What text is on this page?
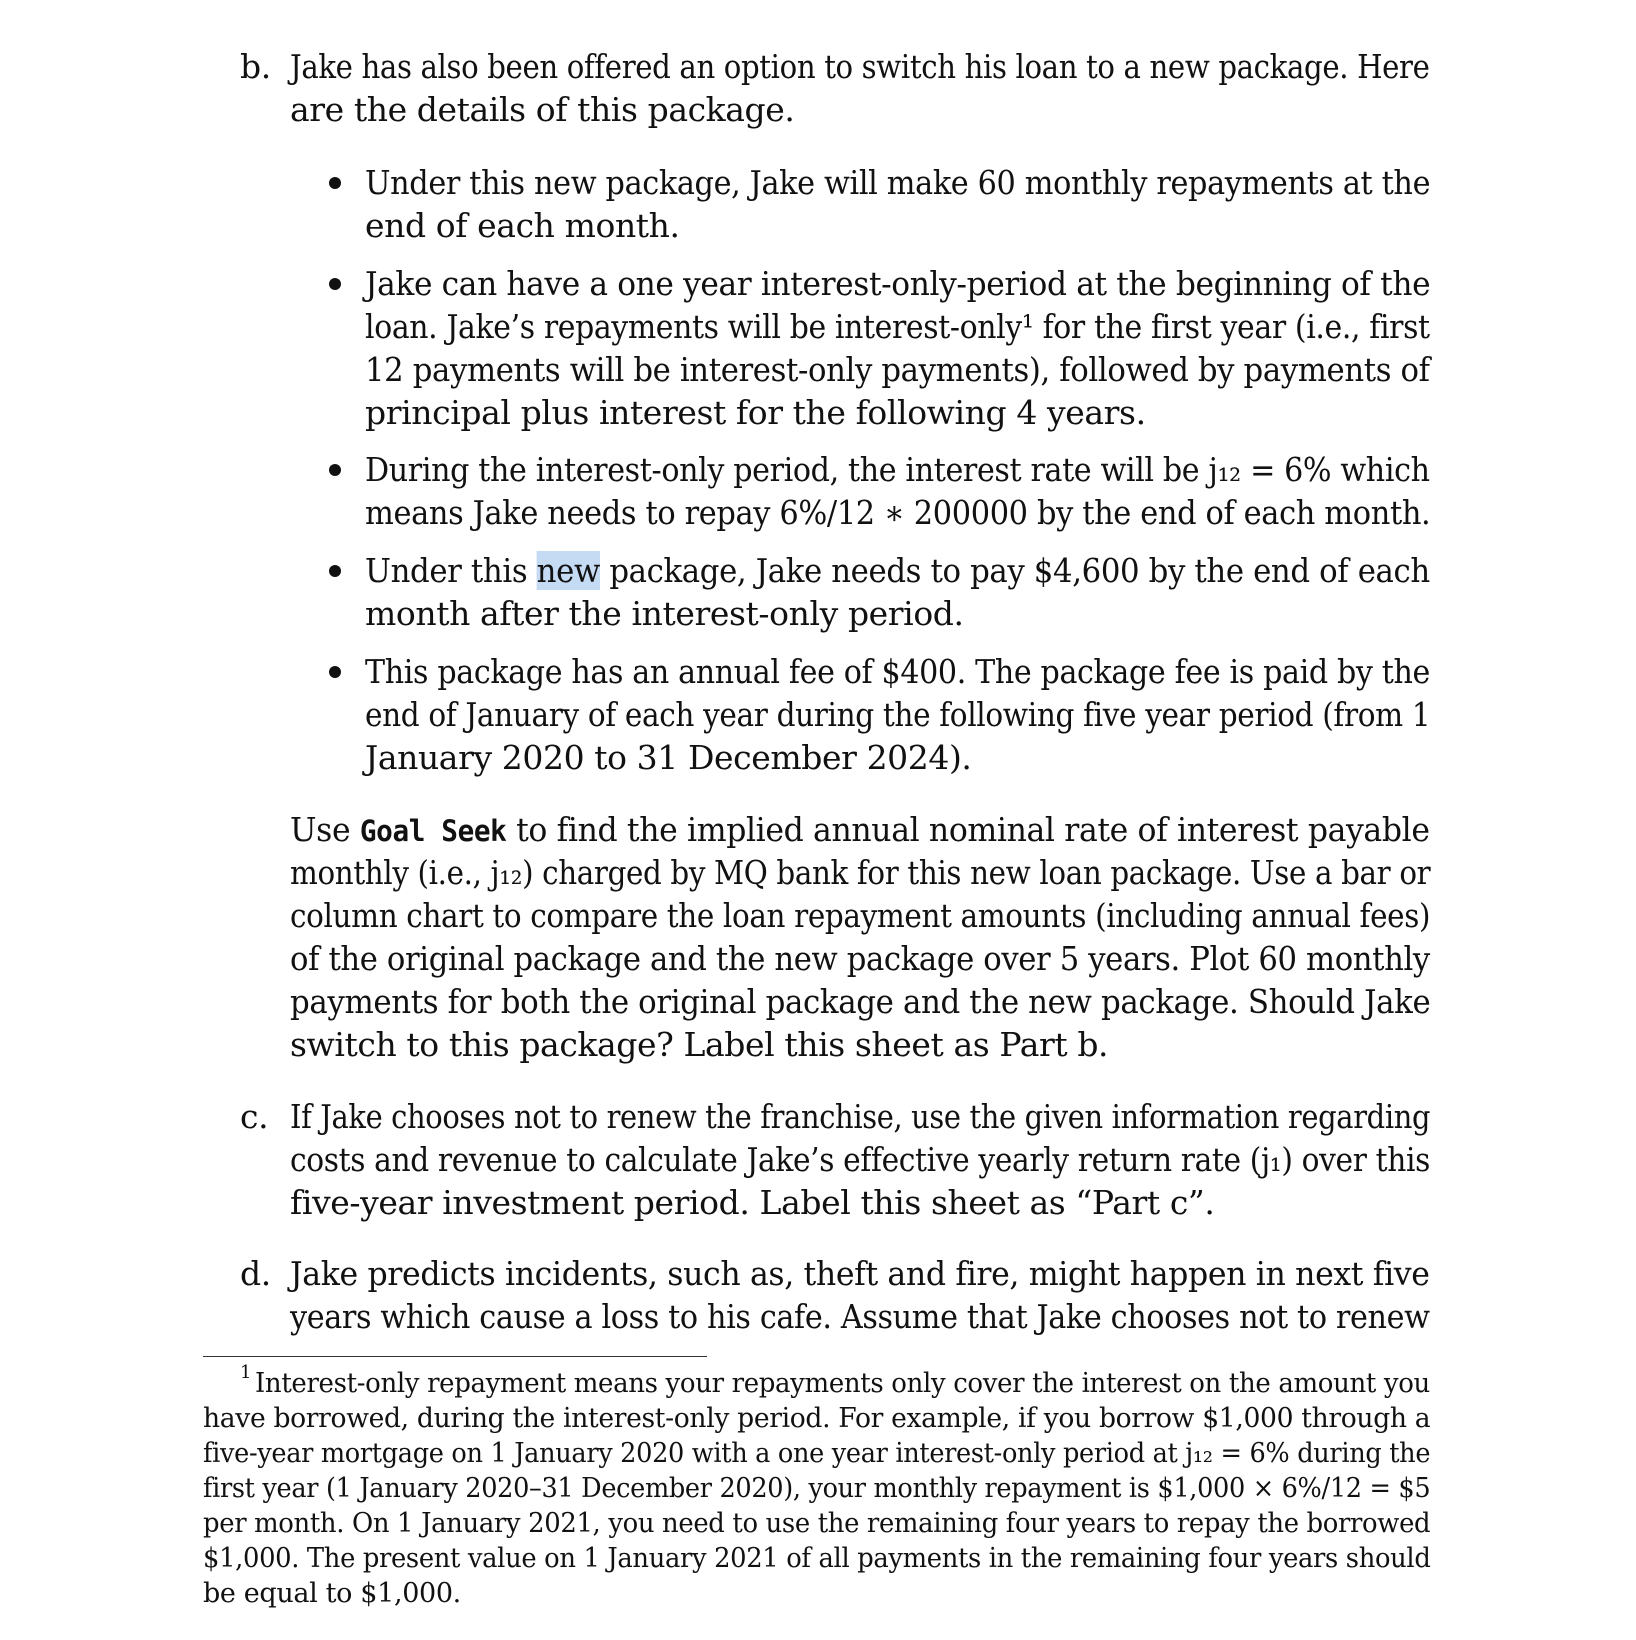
b. Jake has also been offered an option to switch his loan to a new package. Here
are the details of this package.
Under this new package, Jake will make 60 monthly repayments at the
end of each month.
Jake can have a one year interest-only-period at the beginning of the
loan. Jake’s repayments will be interest-only¹ for the first year (i.e., first
12 payments will be interest-only payments), followed by payments of
principal plus interest for the following 4 years.
During the interest-only period, the interest rate will be j₁₂ = 6% which
means Jake needs to repay 6%/12 ∗ 200000 by the end of each month.
Under this new package, Jake needs to pay $4,600 by the end of each
month after the interest-only period.
This package has an annual fee of $400. The package fee is paid by the
end of January of each year during the following five year period (from 1
January 2020 to 31 December 2024).
Use Goal Seek to find the implied annual nominal rate of interest payable
monthly (i.e., j₁₂) charged by MQ bank for this new loan package. Use a bar or
column chart to compare the loan repayment amounts (including annual fees)
of the original package and the new package over 5 years. Plot 60 monthly
payments for both the original package and the new package. Should Jake
switch to this package? Label this sheet as Part b.
c. If Jake chooses not to renew the franchise, use the given information regarding
costs and revenue to calculate Jake’s effective yearly return rate (j₁) over this
five-year investment period. Label this sheet as “Part c”.
d. Jake predicts incidents, such as, theft and fire, might happen in next five
years which cause a loss to his cafe. Assume that Jake chooses not to renew
1 Interest-only repayment means your repayments only cover the interest on the amount you
have borrowed, during the interest-only period. For example, if you borrow $1,000 through a
five-year mortgage on 1 January 2020 with a one year interest-only period at j₁₂ = 6% during the
first year (1 January 2020–31 December 2020), your monthly repayment is $1,000 × 6%/12 = $5
per month. On 1 January 2021, you need to use the remaining four years to repay the borrowed
$1,000. The present value on 1 January 2021 of all payments in the remaining four years should
be equal to $1,000.
